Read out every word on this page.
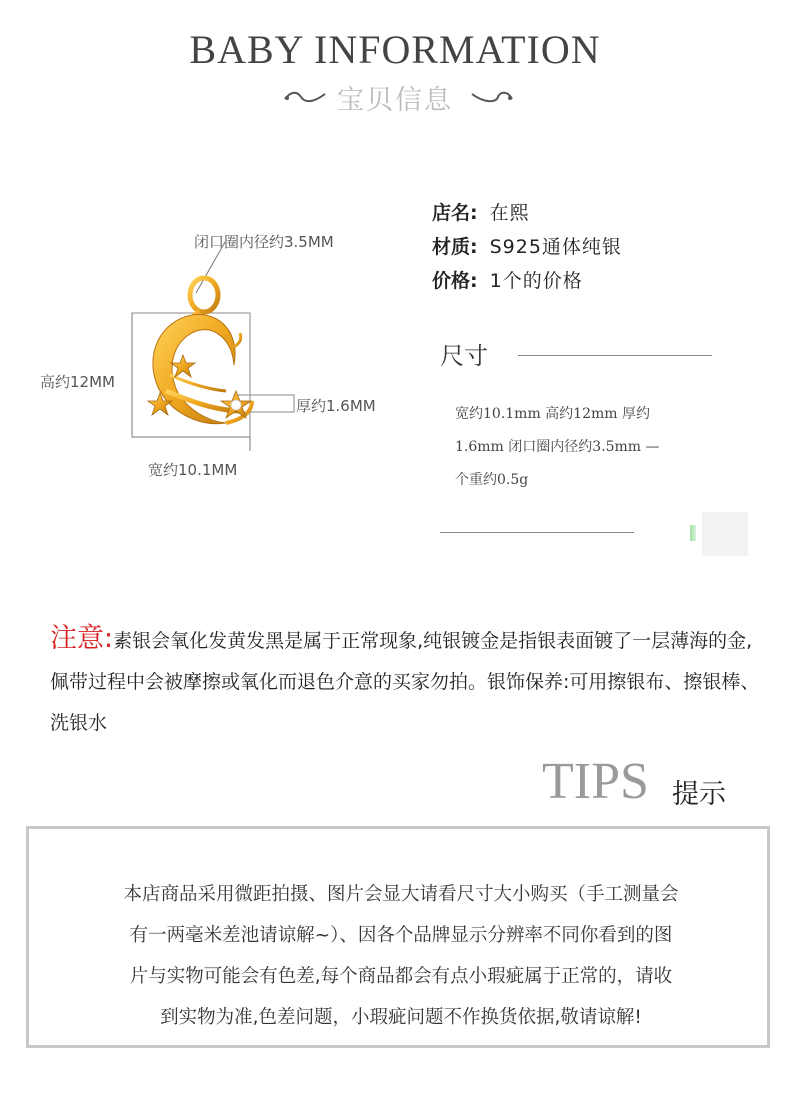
BABY INFORMATION
宝贝信息
闭口圈内径约3.5MM
高约12MM
厚约1.6MM
宽约10.1MM
店名: 在熙
材质: S925通体纯银
价格: 1个的价格
尺寸
宽约10.1mm 高约12mm 厚约
1.6mm 闭口圈内径约3.5mm —
个重约0.5g
注意:素银会氧化发黄发黑是属于正常现象,纯银镀金是指银表面镀了一层薄海的金,佩带过程中会被摩擦或氧化而退色介意的买家勿拍。银饰保养:可用擦银布、擦银棒、洗银水
TIPS 提示
本店商品采用微距拍摄、图片会显大请看尺寸大小购买（手工测量会
有一两毫米差池请谅解~）、因各个品牌显示分辨率不同你看到的图
片与实物可能会有色差,每个商品都会有点小瑕疵属于正常的，请收
到实物为准,色差问题，小瑕疵问题不作换货依据,敬请谅解!
